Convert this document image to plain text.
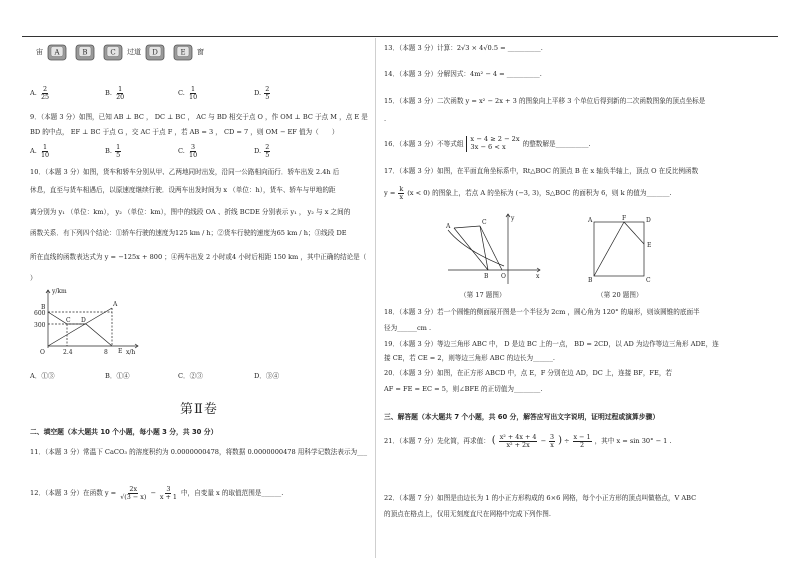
宙 A	B	C 过道 D	E 窗
A. $\frac{2}{25}$	B. $\frac{1}{20}$	C. $\frac{1}{10}$	D. $\frac{2}{5}$
9．（本题 3 分）如图，已知 AB ⊥ BC ， DC ⊥ BC ， AC 与 BD 相交于点 O ，作 OM ⊥ BC 于点 M ，点 E 是
BD 的中点， EF ⊥ BC 于点 G ，交 AC 于点 F ，若 AB = 3 ， CD = 7 ，则 OM − EF 值为（　　）
A. $\frac{1}{10}$	B. $\frac{1}{5}$	C. $\frac{3}{10}$	D. $\frac{2}{5}$
10．（本题 3 分）如图，货车和轿车分别从甲、乙两地同时出发，沿同一公路相向而行．轿车出发 2.4h 后
休息，直至与货车相遇后，以原速度继续行驶．设两车出发时间为 x （单位：h），货车、轿车与甲地的距
离分别为 y₁ （单位：km）， y₂ （单位：km），图中的线段 OA 、折线 BCDE 分别表示 y₁ ， y₂ 与 x 之间的
函数关系．有下列四个结论：①轿车行驶的速度为125 km / h；②货车行驶的速度为65 km / h；③线段 DE
所在直线的函数表达式为 y = −125x + 800 ；④两车出发 2 小时或4 小时后相距 150 km ，其中正确的结论是（
）
y/km
x/h
600
300
2.4	8
O
A
B
C D
E
A．①③	B．①④	C．②③	D．③④
第Ⅱ卷
二、填空题（本大题共 10 个小题，每小题 3 分，共 30 分）
11．（本题 3 分）常温下 CaCO₃ 的溶度积约为 0.0000000478，将数据 0.0000000478 用科学记数法表示为___
12．（本题 3 分）在函数 $y = \frac{2x}{√(3 - x)} - \frac{3}{x + 1}$ 中，自变量 x 的取值范围是______.
13．（本题 3 分）计算：2√3 × 4√0.5 = __________.
14．（本题 3 分）分解因式：4m² − 4 = __________.
15．（本题 3 分）二次函数 y = x² − 2x + 3 的图象向上平移 3 个单位后得到新的二次函数图象的顶点坐标是
.
16．（本题 3 分）不等式组
x − 4 ≥ 2 − 2x
3x − 6 < x	的整数解是__________.
17．（本题 3 分）如图，在平面直角坐标系中，Rt△BOC 的顶点 B 在 x 轴负半轴上，顶点 O 在反比例函数
$y = \frac{k}{x} (x < 0)$ 的图象上，若点 A 的坐标为 (−3, 3)，S△BOC 的面积为 6，则 k 的值为_______.
A
C
B O
y
x
（第 17 题图）
A	F	D
E
B	C
（第 20 题图）
18．（本题 3 分）若一个圆锥的侧面展开图是一个半径为 2cm ，圆心角为 120° 的扇形，则该圆锥的底面半
径为______cm .
19．（本题 3 分）等边三角形 ABC 中， D 是边 BC 上的一点， BD = 2CD，以 AD 为边作等边三角形 ADE，连
接 CE，若 CE = 2，则等边三角形 ABC 的边长为______.
20．（本题 3 分）如图，在正方形 ABCD 中，点 E，F 分别在边 AD，DC 上，连接 BF，FE，若
AF = FE = EC = 5，则∠BFE 的正切值为________.
三、解答题（本大题共 7 个小题，共 60 分，解答应写出文字说明，证明过程或演算步骤）
21．（本题 7 分）先化简，再求值： ( $\frac{\text{x² + 4x + 4}}{\text{x² + 2x}} - \frac{3}{x}$ ) ÷ $\frac{x - 1}{2}$ ，其中 x = sin 30° − 1 .
22．（本题 7 分）如图是由边长为 1 的小正方形构成的 6×6 网格，每个小正方形的顶点叫做格点，V ABC
的顶点在格点上，仅用无刻度直尺在网格中完成下列作图.
